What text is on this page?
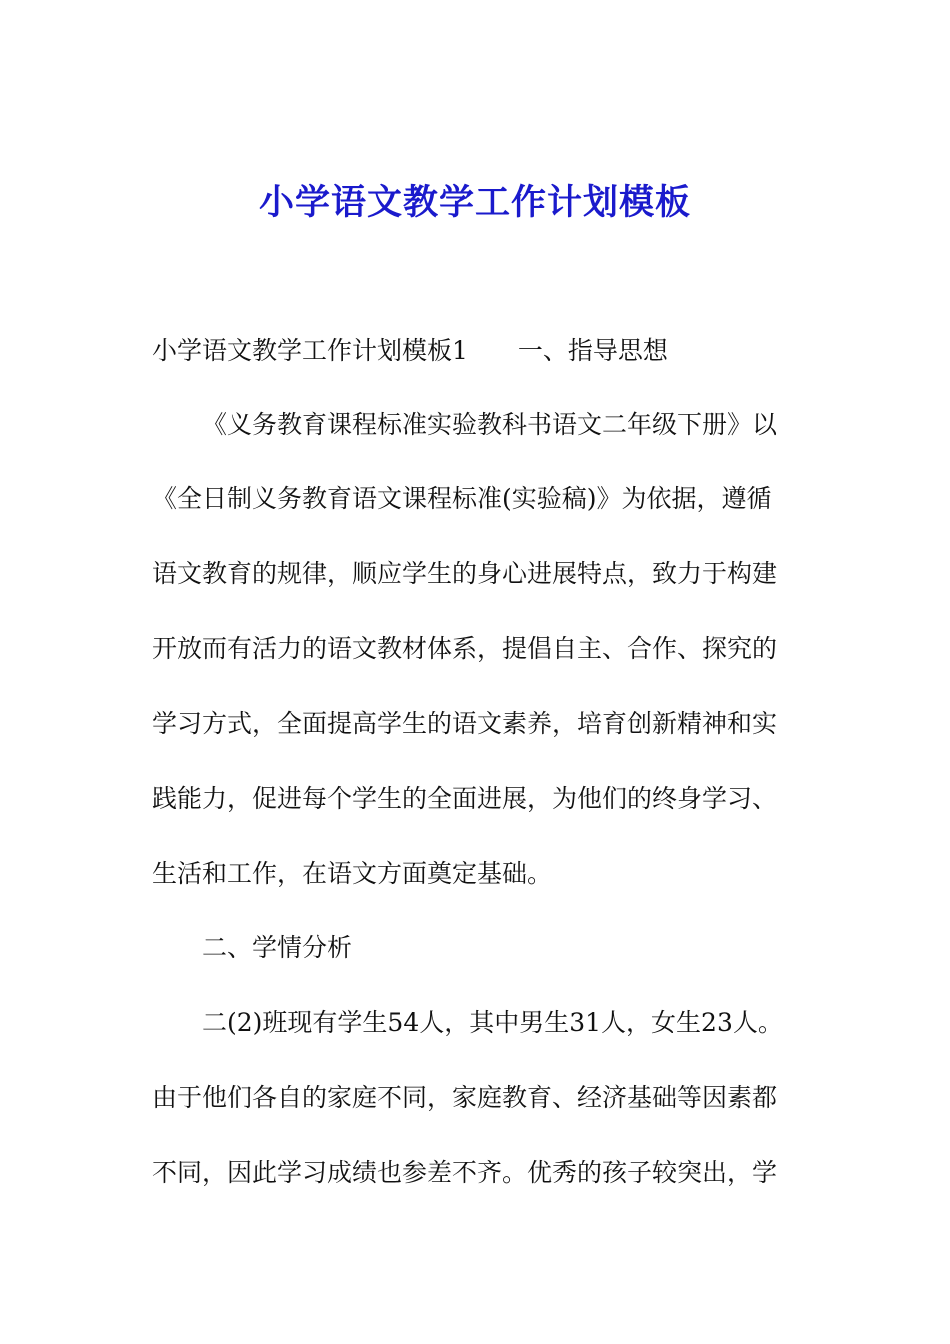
小学语文教学工作计划模板

小学语文教学工作计划模板1 一、指导思想

《义务教育课程标准实验教科书语文二年级下册》以

《全日制义务教育语文课程标准(实验稿)》为依据，遵循

语文教育的规律，顺应学生的身心进展特点，致力于构建

开放而有活力的语文教材体系，提倡自主、合作、探究的

学习方式，全面提高学生的语文素养，培育创新精神和实

践能力，促进每个学生的全面进展，为他们的终身学习、

生活和工作，在语文方面奠定基础。

二、学情分析

二(2)班现有学生54人，其中男生31人，女生23人。

由于他们各自的家庭不同，家庭教育、经济基础等因素都

不同，因此学习成绩也参差不齐。优秀的孩子较突出，学
